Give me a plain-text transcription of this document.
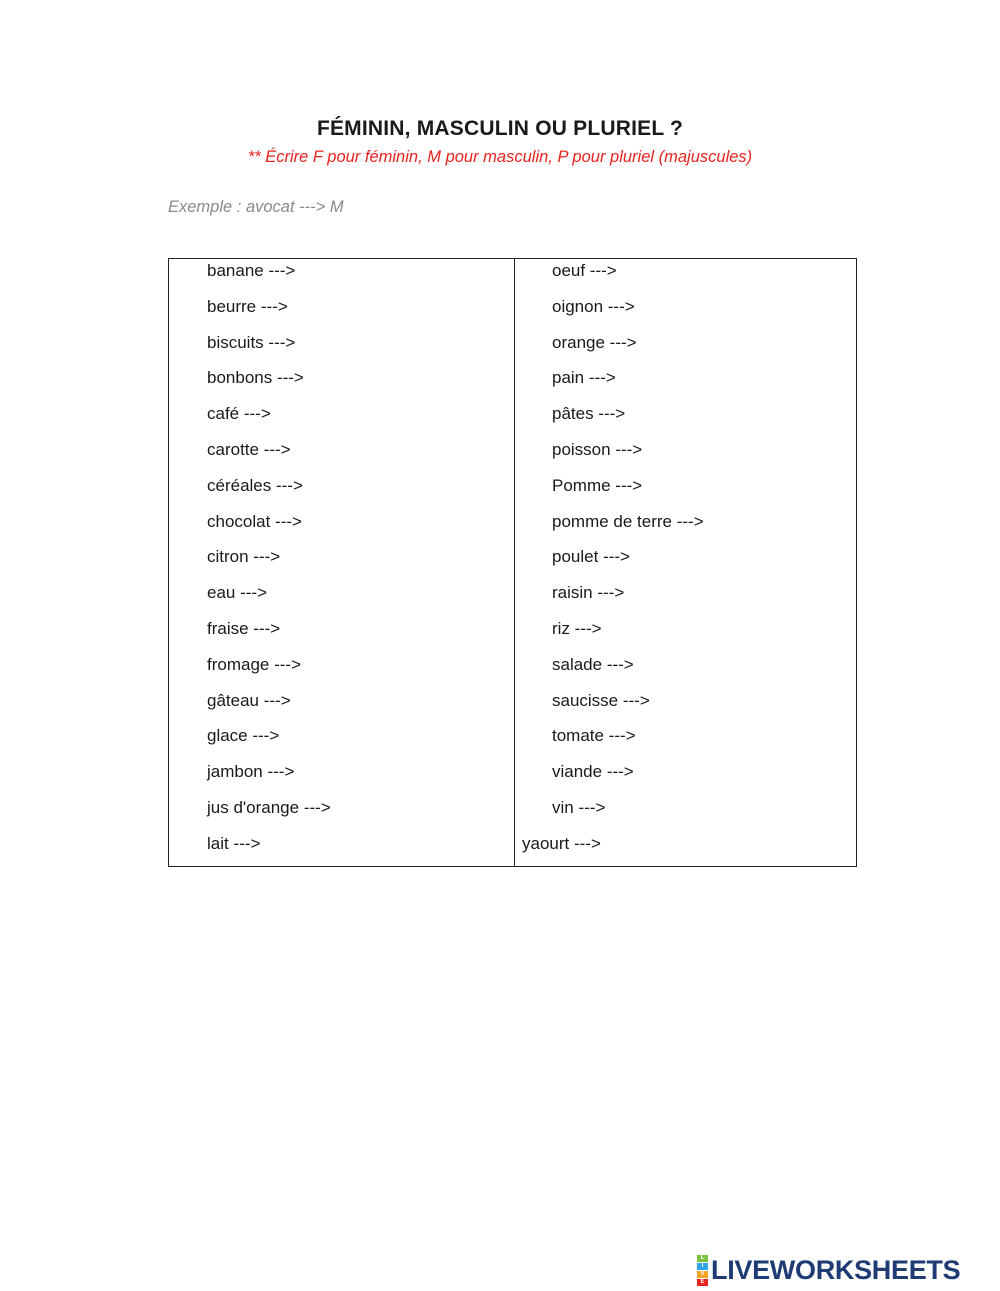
FÉMININ, MASCULIN OU PLURIEL ?
** Écrire F pour féminin, M pour masculin, P pour pluriel (majuscules)
Exemple : avocat ---> M
banane --->
beurre --->
biscuits --->
bonbons --->
café --->
carotte --->
céréales --->
chocolat --->
citron --->
eau --->
fraise --->
fromage --->
gâteau --->
glace --->
jambon --->
jus d'orange --->
lait --->
oeuf --->
oignon --->
orange --->
pain --->
pâtes --->
poisson --->
Pomme --->
pomme de terre --->
poulet --->
raisin --->
riz --->
salade --->
saucisse --->
tomate --->
viande --->
vin --->
yaourt --->
L
I
V
E LIVEWORKSHEETS
